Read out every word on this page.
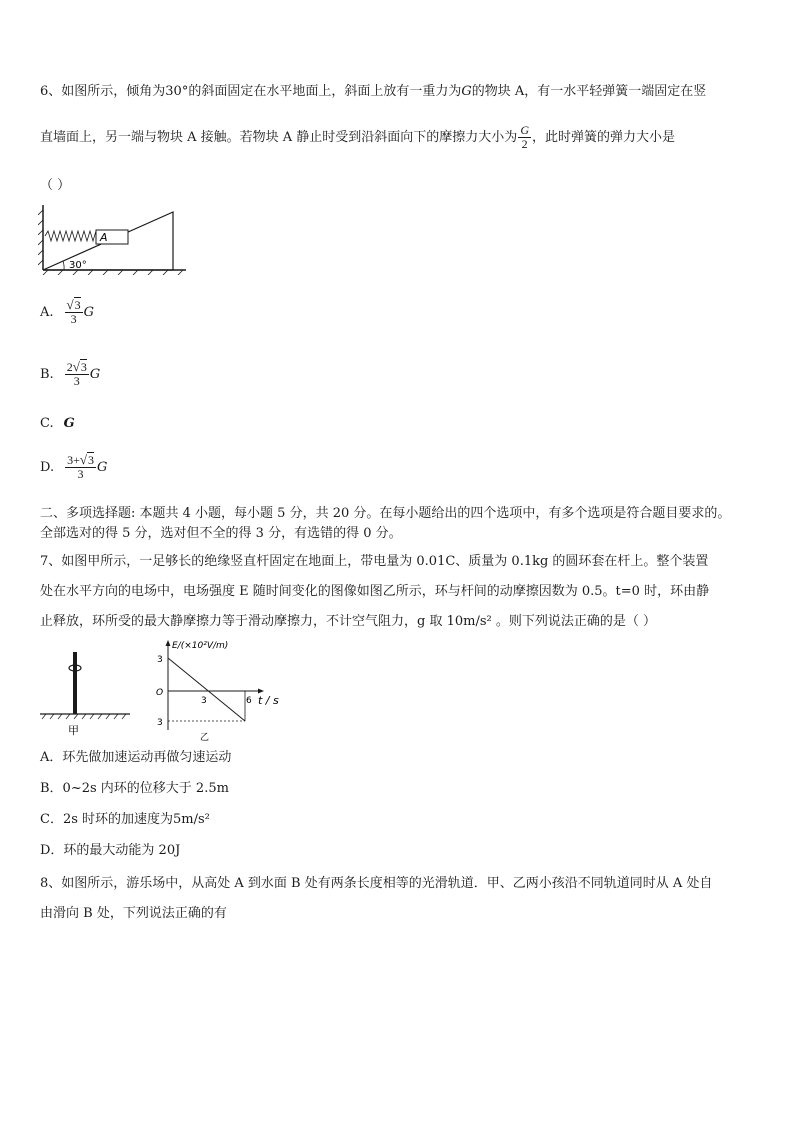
6、如图所示，倾角为30°的斜面固定在水平地面上，斜面上放有一重力为G的物块 A，有一水平轻弹簧一端固定在竖
直墙面上，另一端与物块 A 接触。若物块 A 静止时受到沿斜面向下的摩擦力大小为 $\frac{G}{2}$ ，此时弹簧的弹力大小是
（ ）
A
30°
A. $\frac{√3}{3}$ G
B. $\frac{2√3}{3}$ G
C. G
D. $\frac{3+√3}{3}$ G
二、多项选择题: 本题共 4 小题，每小题 5 分，共 20 分。在每小题给出的四个选项中，有多个选项是符合题目要求的。
全部选对的得 5 分，选对但不全的得 3 分，有选错的得 0 分。
7、如图甲所示，一足够长的绝缘竖直杆固定在地面上，带电量为 0.01C、质量为 0.1kg 的圆环套在杆上。整个装置
处在水平方向的电场中，电场强度 E 随时间变化的图像如图乙所示，环与杆间的动摩擦因数为 0.5。t=0 时，环由静
止释放，环所受的最大静摩擦力等于滑动摩擦力，不计空气阻力，g 取 10m/s² 。则下列说法正确的是（ ）
甲
E/(×10²V/m)
3
O
3
3	6 t / s
乙
A．环先做加速运动再做匀速运动
B．0~2s 内环的位移大于 2.5m
C．2s 时环的加速度为5m/s²
D．环的最大动能为 20J
8、如图所示，游乐场中，从高处 A 到水面 B 处有两条长度相等的光滑轨道．甲、乙两小孩沿不同轨道同时从 A 处自
由滑向 B 处，下列说法正确的有
